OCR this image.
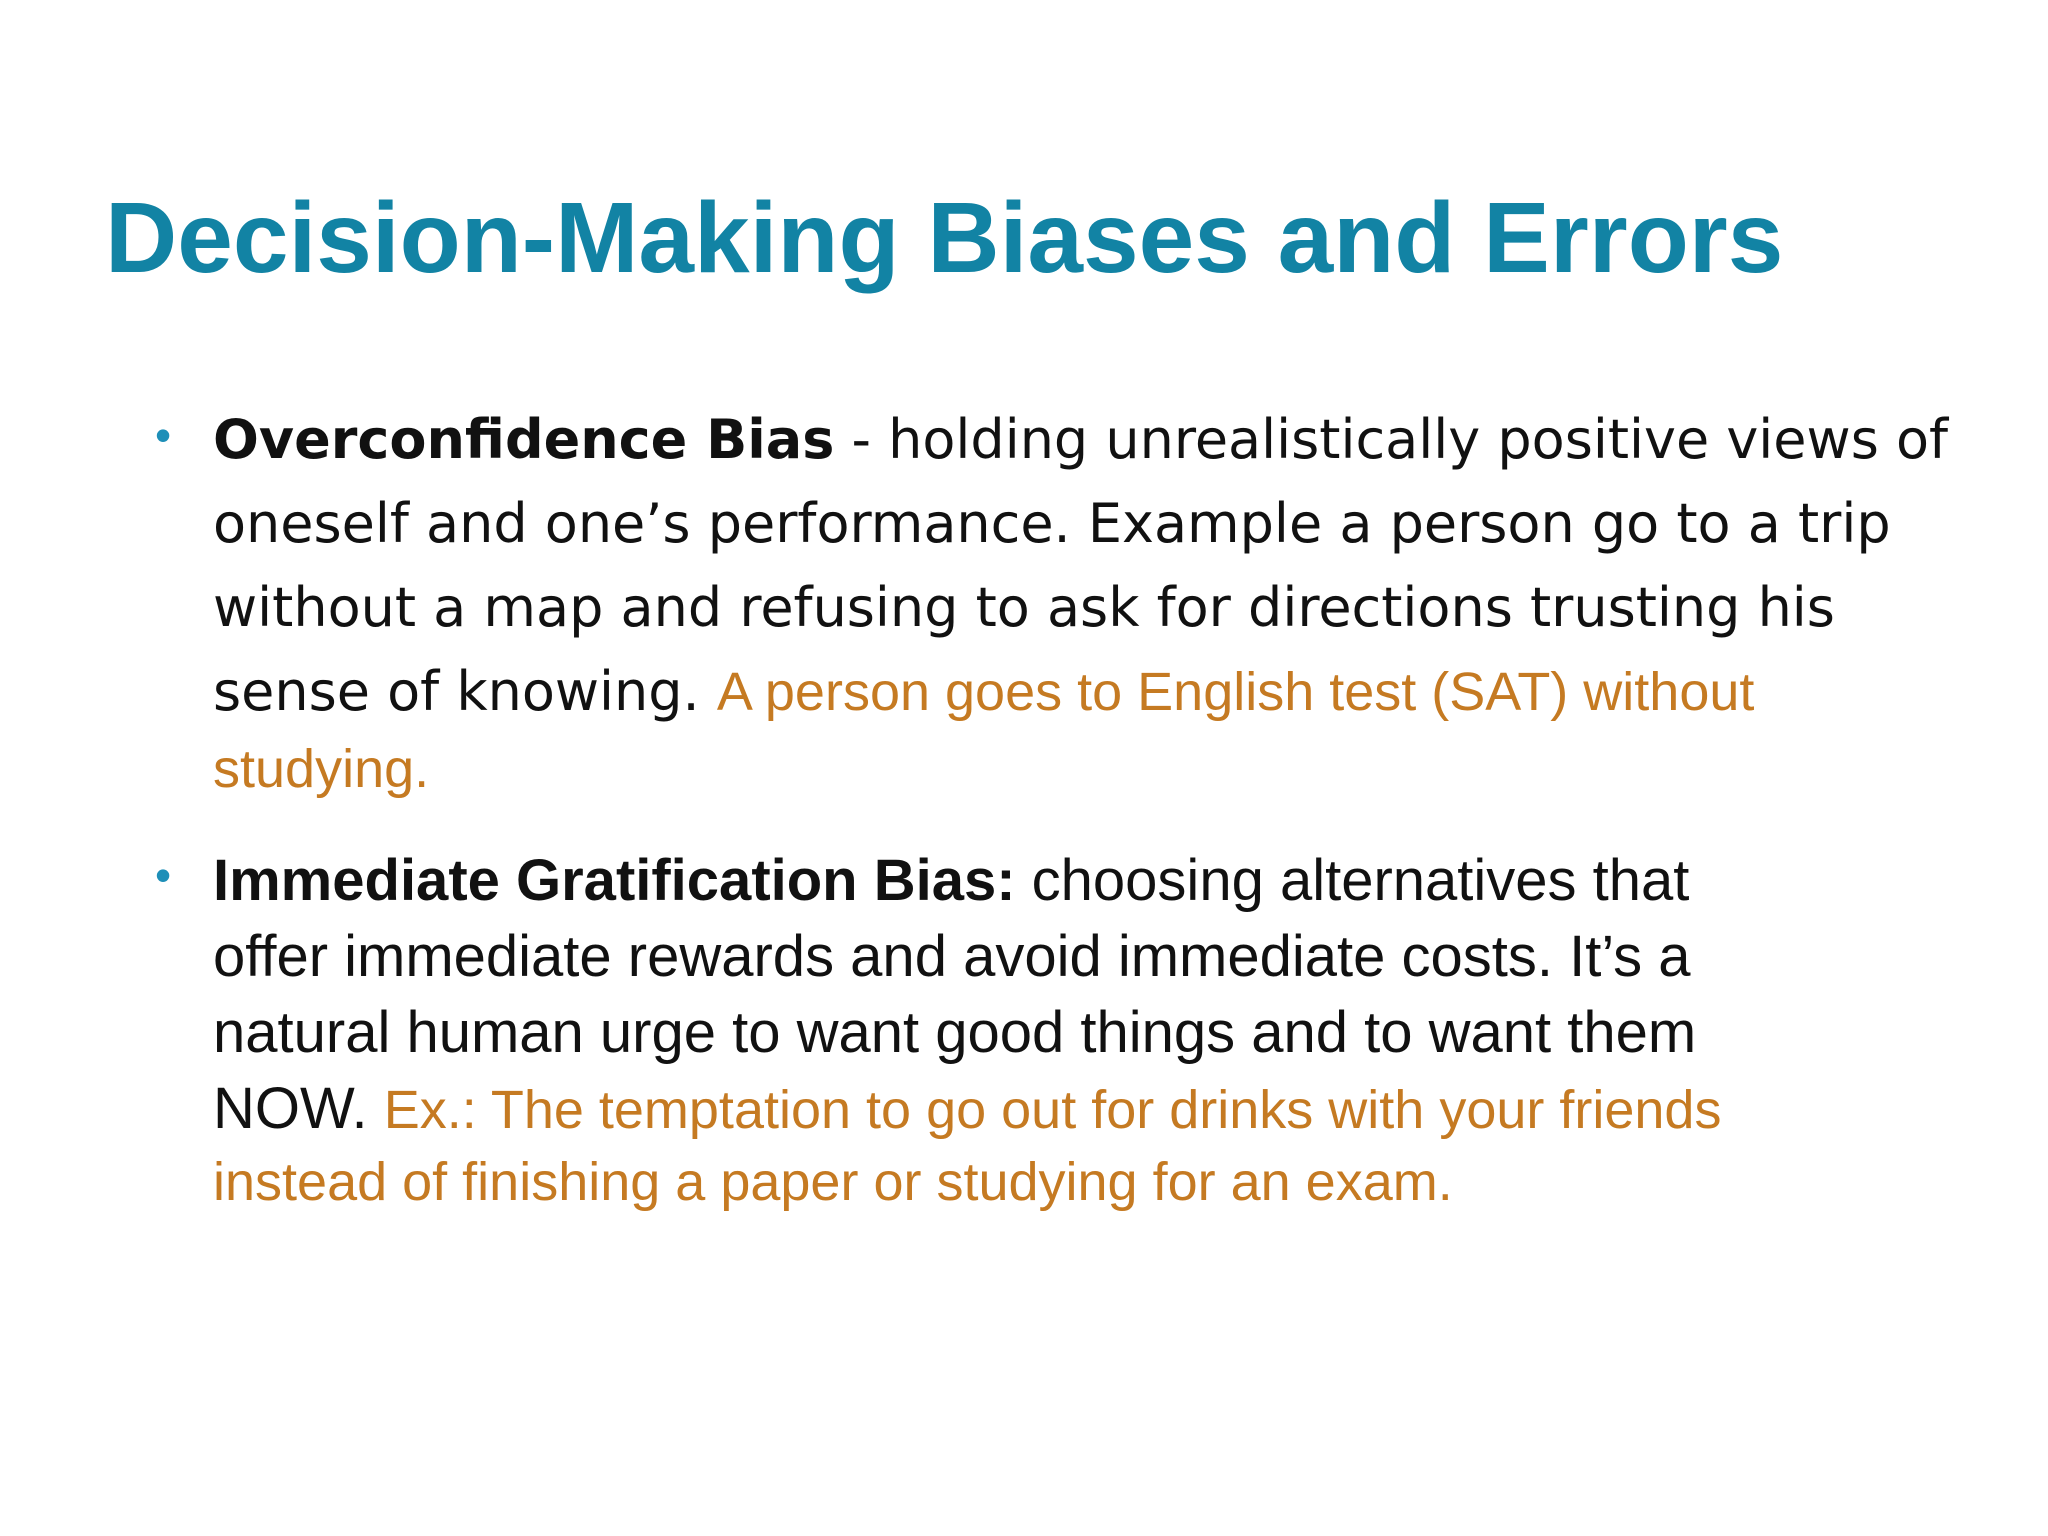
Decision-Making Biases and Errors
• Overconfidence Bias - holding unrealistically positive views of
oneself and one’s performance. Example a person go to a trip
without a map and refusing to ask for directions trusting his
sense of knowing. A person goes to English test (SAT) without
studying.
• Immediate Gratification Bias: choosing alternatives that
offer immediate rewards and avoid immediate costs. It’s a
natural human urge to want good things and to want them
NOW. Ex.: The temptation to go out for drinks with your friends
instead of finishing a paper or studying for an exam.
